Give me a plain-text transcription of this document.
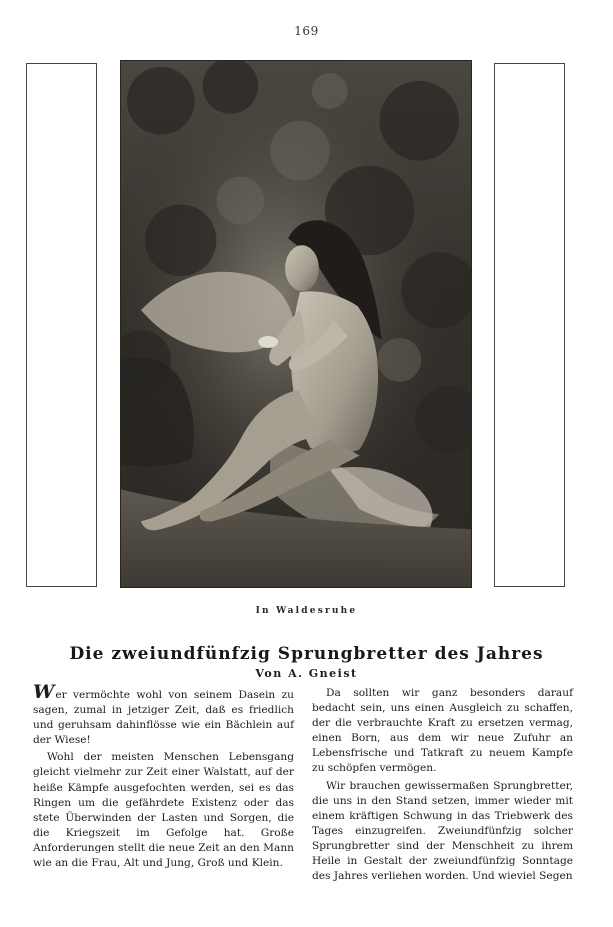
169
In Waldesruhe
Die zweiundfünfzig Sprungbretter des Jahres
Von A. Gneist

Wer vermöchte wohl von seinem Dasein zu sagen, zumal in jetziger Zeit, daß es friedlich und geruhsam dahinflösse wie ein Bächlein auf der Wiese!

Wohl der meisten Menschen Lebensgang gleicht vielmehr zur Zeit einer Walstatt, auf der heiße Kämpfe ausgefochten werden, sei es das Ringen um die gefährdete Existenz oder das stete Überwinden der Lasten und Sorgen, die die Kriegszeit im Gefolge hat. Große Anforderungen stellt die neue Zeit an den Mann wie an die Frau, Alt und Jung, Groß und Klein.

Da sollten wir ganz besonders darauf bedacht sein, uns einen Ausgleich zu schaffen, der die verbrauchte Kraft zu ersetzen vermag, einen Born, aus dem wir neue Zufuhr an Lebensfrische und Tatkraft zu neuem Kampfe zu schöpfen vermögen.

Wir brauchen gewissermaßen Sprungbretter, die uns in den Stand setzen, immer wieder mit einem kräftigen Schwung in das Triebwerk des Tages einzugreifen. Zweiundfünfzig solcher Sprungbretter sind der Menschheit zu ihrem Heile in Gestalt der zweiundfünfzig Sonntage des Jahres verliehen worden. Und wieviel Segen
